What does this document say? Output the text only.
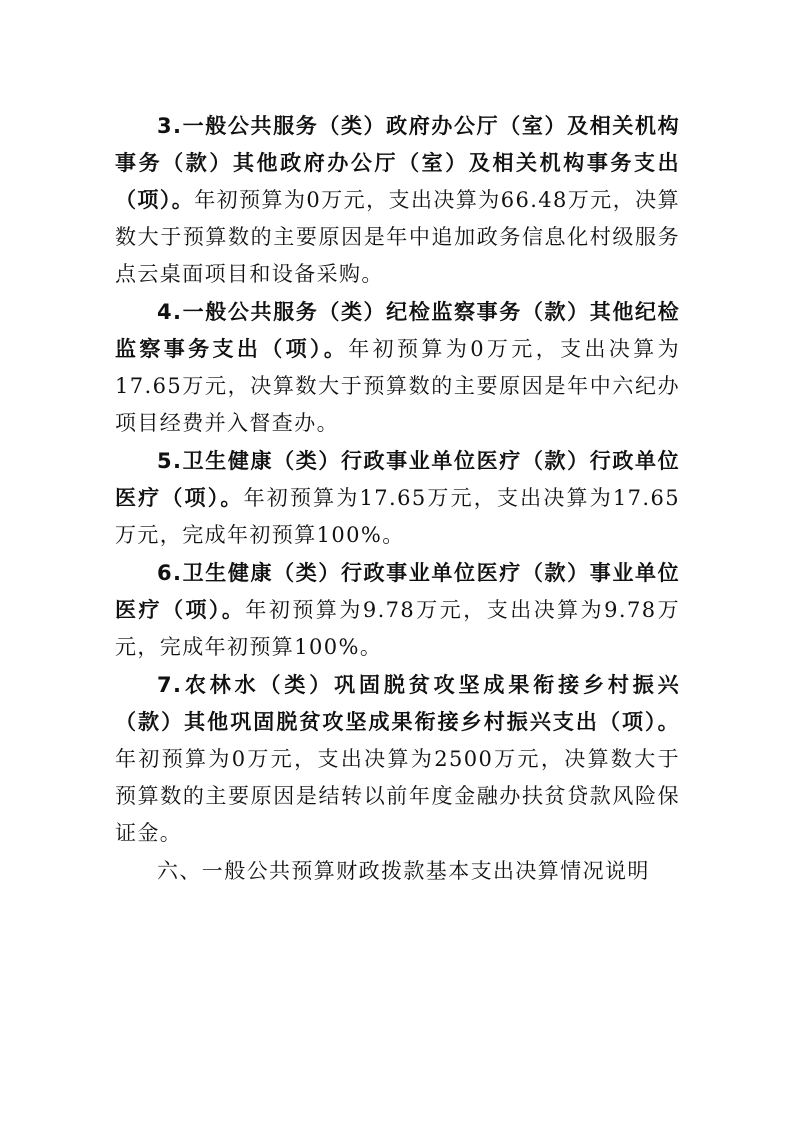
3.一般公共服务（类）政府办公厅（室）及相关机构事务（款）其他政府办公厅（室）及相关机构事务支出（项）。年初预算为0万元，支出决算为66.48万元，决算数大于预算数的主要原因是年中追加政务信息化村级服务点云桌面项目和设备采购。

4.一般公共服务（类）纪检监察事务（款）其他纪检监察事务支出（项）。年初预算为0万元，支出决算为17.65万元，决算数大于预算数的主要原因是年中六纪办项目经费并入督查办。

5.卫生健康（类）行政事业单位医疗（款）行政单位医疗（项）。年初预算为17.65万元，支出决算为17.65万元，完成年初预算100%。

6.卫生健康（类）行政事业单位医疗（款）事业单位医疗（项）。年初预算为9.78万元，支出决算为9.78万元，完成年初预算100%。

7.农林水（类）巩固脱贫攻坚成果衔接乡村振兴（款）其他巩固脱贫攻坚成果衔接乡村振兴支出（项）。年初预算为0万元，支出决算为2500万元，决算数大于预算数的主要原因是结转以前年度金融办扶贫贷款风险保证金。

六、一般公共预算财政拨款基本支出决算情况说明
